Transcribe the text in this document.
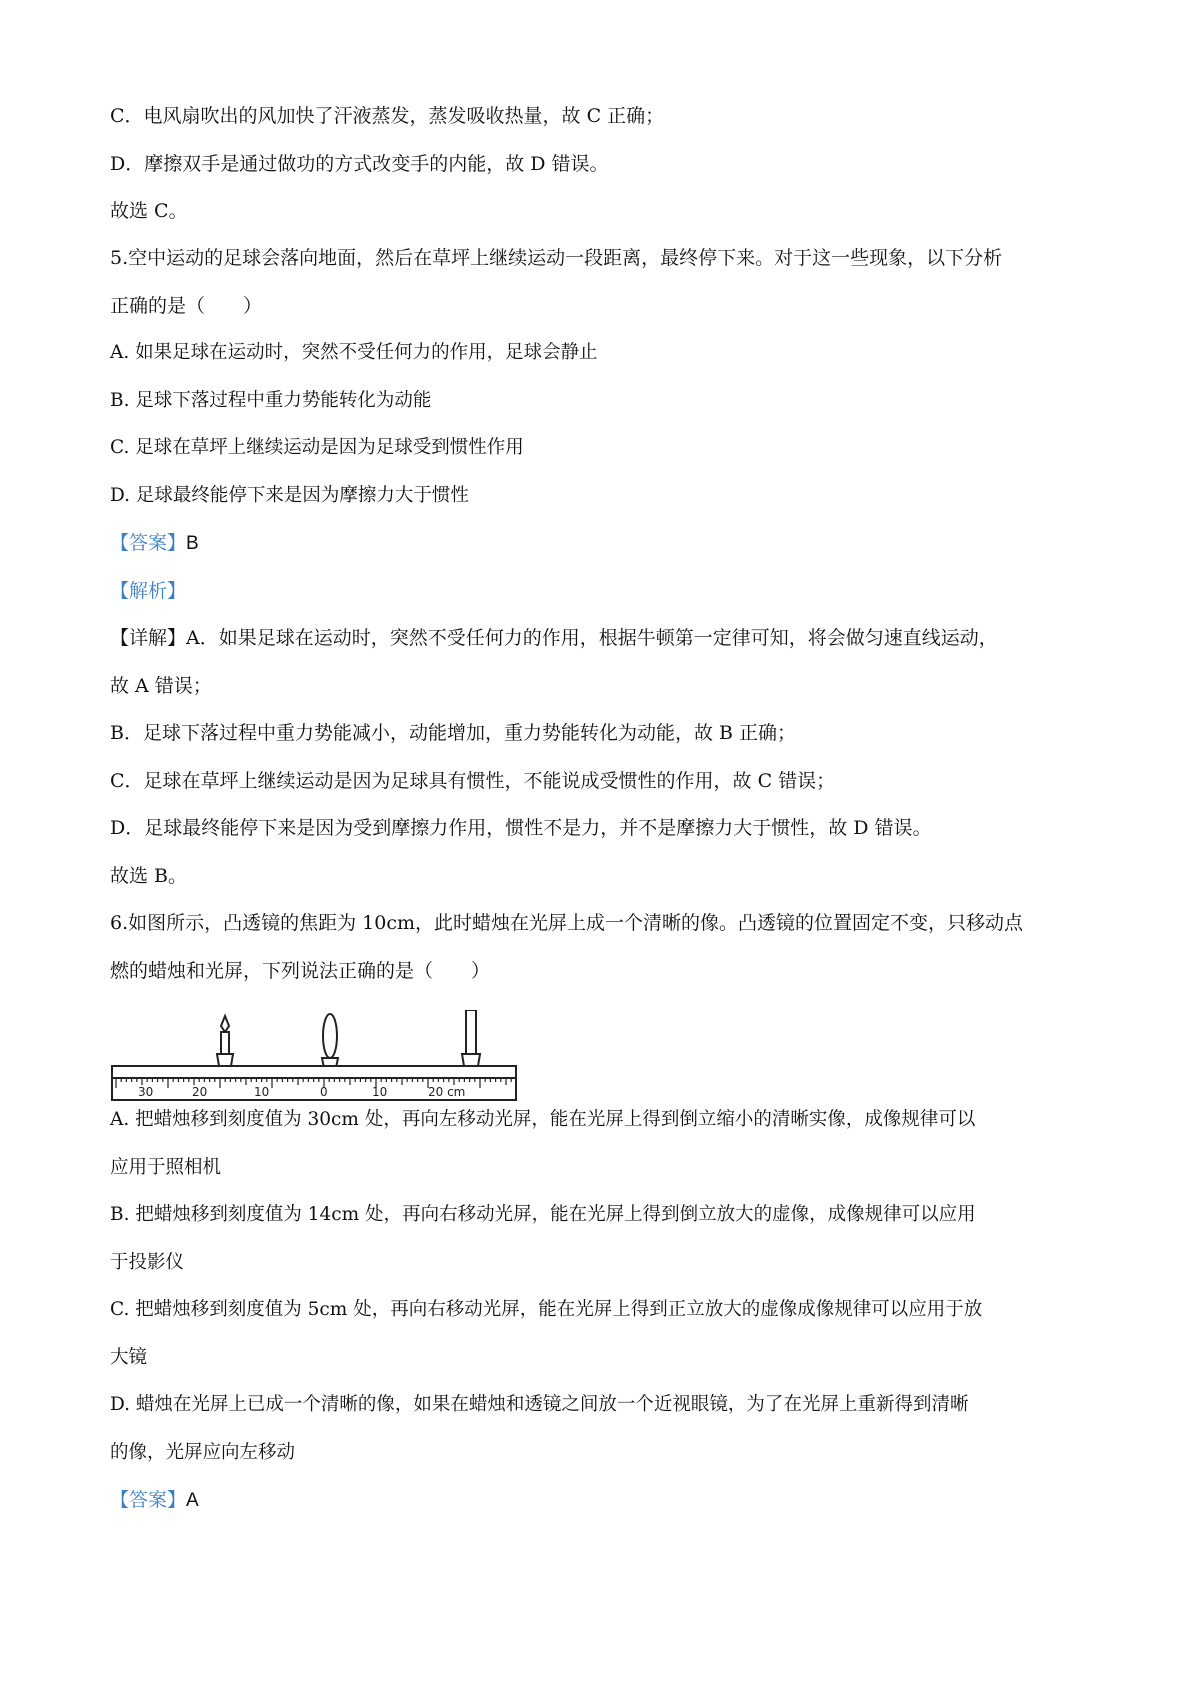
C．电风扇吹出的风加快了汗液蒸发，蒸发吸收热量，故 C 正确；
D．摩擦双手是通过做功的方式改变手的内能，故 D 错误。
故选 C。
5.空中运动的足球会落向地面，然后在草坪上继续运动一段距离，最终停下来。对于这一些现象，以下分析
正确的是（　　）
A. 如果足球在运动时，突然不受任何力的作用，足球会静止
B. 足球下落过程中重力势能转化为动能
C. 足球在草坪上继续运动是因为足球受到惯性作用
D. 足球最终能停下来是因为摩擦力大于惯性
【答案】B
【解析】
【详解】A．如果足球在运动时，突然不受任何力的作用，根据牛顿第一定律可知，将会做匀速直线运动，
故 A 错误；
B．足球下落过程中重力势能减小，动能增加，重力势能转化为动能，故 B 正确；
C．足球在草坪上继续运动是因为足球具有惯性，不能说成受惯性的作用，故 C 错误；
D．足球最终能停下来是因为受到摩擦力作用，惯性不是力，并不是摩擦力大于惯性，故 D 错误。
故选 B。
6.如图所示，凸透镜的焦距为 10cm，此时蜡烛在光屏上成一个清晰的像。凸透镜的位置固定不变，只移动点
燃的蜡烛和光屏，下列说法正确的是（　　）
30	20	10	0	10	20 cm
A. 把蜡烛移到刻度值为 30cm 处，再向左移动光屏，能在光屏上得到倒立缩小的清晰实像，成像规律可以
应用于照相机
B. 把蜡烛移到刻度值为 14cm 处，再向右移动光屏，能在光屏上得到倒立放大的虚像，成像规律可以应用
于投影仪
C. 把蜡烛移到刻度值为 5cm 处，再向右移动光屏，能在光屏上得到正立放大的虚像成像规律可以应用于放
大镜
D. 蜡烛在光屏上已成一个清晰的像，如果在蜡烛和透镜之间放一个近视眼镜，为了在光屏上重新得到清晰
的像，光屏应向左移动
【答案】A
